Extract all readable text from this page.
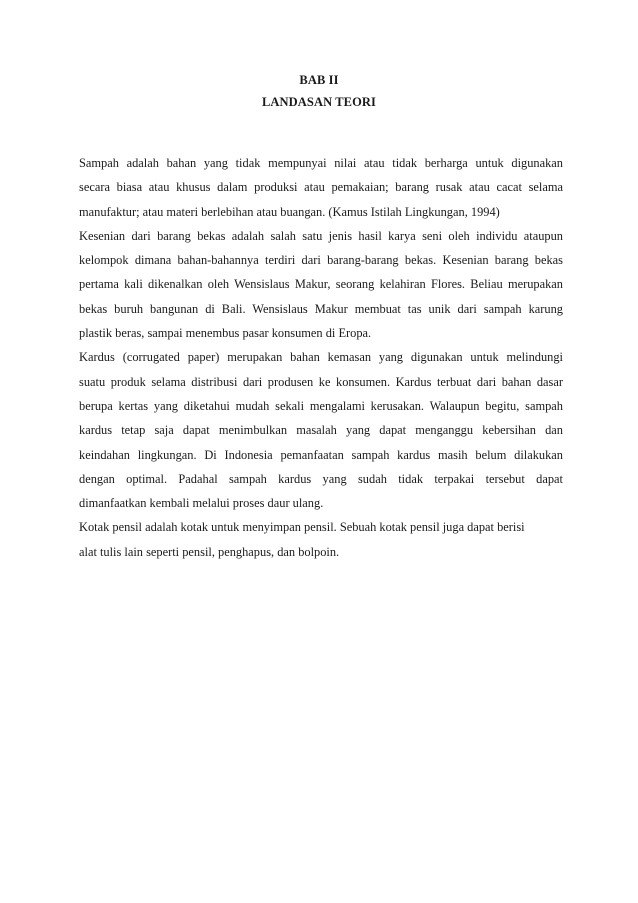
BAB II
LANDASAN TEORI
Sampah adalah bahan yang tidak mempunyai nilai atau tidak berharga untuk digunakan
secara biasa atau khusus dalam produksi atau pemakaian; barang rusak atau cacat selama
manufaktur; atau materi berlebihan atau buangan. (Kamus Istilah Lingkungan, 1994)
Kesenian dari barang bekas adalah salah satu jenis hasil karya seni oleh individu ataupun
kelompok dimana bahan-bahannya terdiri dari barang-barang bekas. Kesenian barang bekas
pertama kali dikenalkan oleh Wensislaus Makur, seorang kelahiran Flores. Beliau merupakan
bekas buruh bangunan di Bali. Wensislaus Makur membuat tas unik dari sampah karung
plastik beras, sampai menembus pasar konsumen di Eropa.
Kardus (corrugated paper) merupakan bahan kemasan yang digunakan untuk melindungi
suatu produk selama distribusi dari produsen ke konsumen. Kardus terbuat dari bahan dasar
berupa kertas yang diketahui mudah sekali mengalami kerusakan. Walaupun begitu, sampah
kardus tetap saja dapat menimbulkan masalah yang dapat menganggu kebersihan dan
keindahan lingkungan. Di Indonesia pemanfaatan sampah kardus masih belum dilakukan
dengan optimal. Padahal sampah kardus yang sudah tidak terpakai tersebut dapat
dimanfaatkan kembali melalui proses daur ulang.
Kotak pensil adalah kotak untuk menyimpan pensil. Sebuah kotak pensil juga dapat berisi
alat tulis lain seperti pensil, penghapus, dan bolpoin.
